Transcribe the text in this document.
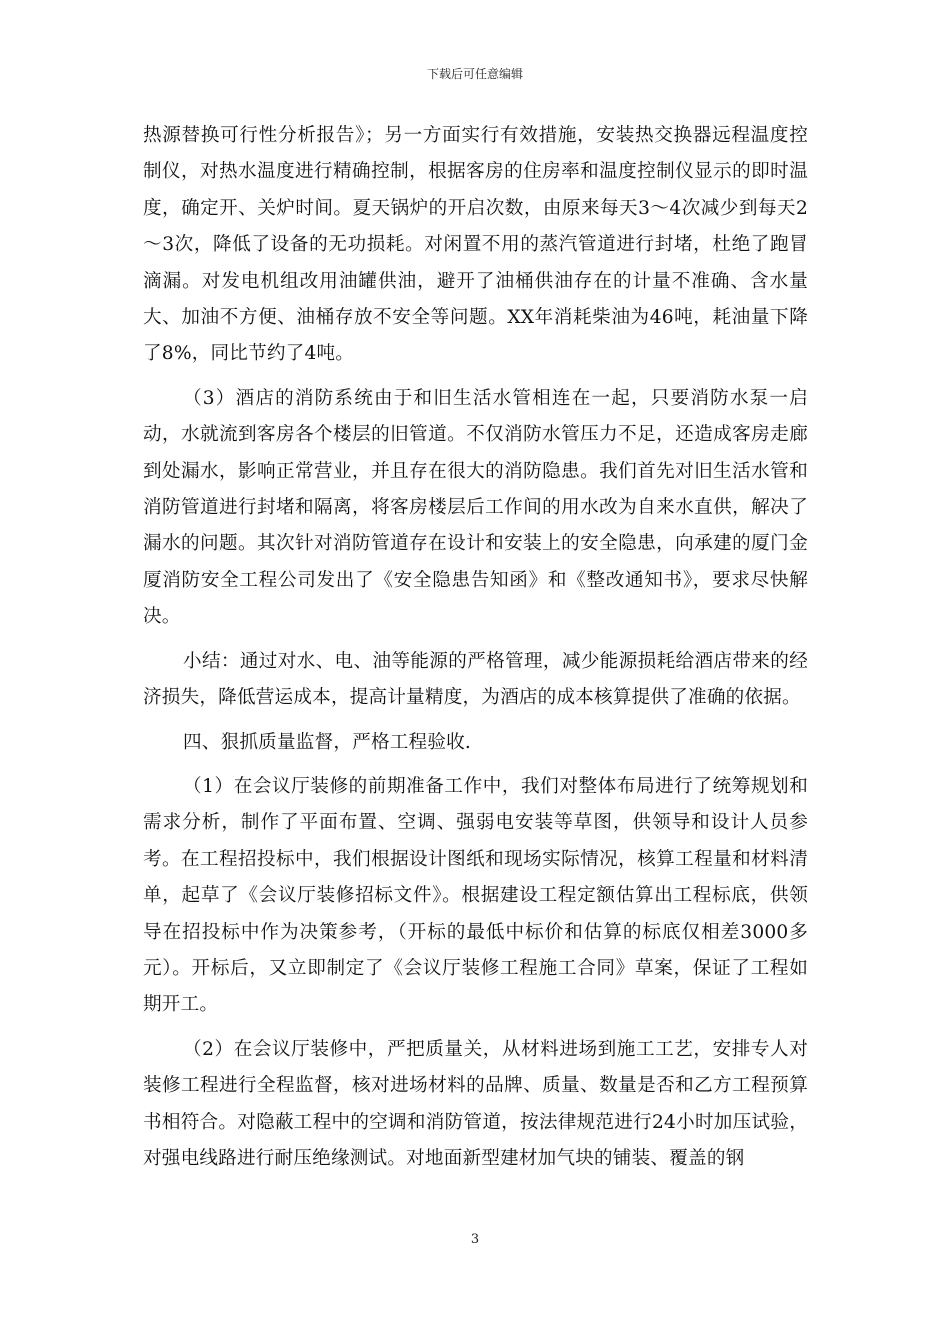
下载后可任意编辑

热源替换可行性分析报告》；另一方面实行有效措施，安装热交换器远程温度控制仪，对热水温度进行精确控制，根据客房的住房率和温度控制仪显示的即时温度，确定开、关炉时间。夏天锅炉的开启次数，由原来每天3～4次减少到每天2～3次，降低了设备的无功损耗。对闲置不用的蒸汽管道进行封堵，杜绝了跑冒滴漏。对发电机组改用油罐供油，避开了油桶供油存在的计量不准确、含水量大、加油不方便、油桶存放不安全等问题。XX年消耗柴油为46吨，耗油量下降了8%，同比节约了4吨。

（3）酒店的消防系统由于和旧生活水管相连在一起，只要消防水泵一启动，水就流到客房各个楼层的旧管道。不仅消防水管压力不足，还造成客房走廊到处漏水，影响正常营业，并且存在很大的消防隐患。我们首先对旧生活水管和消防管道进行封堵和隔离，将客房楼层后工作间的用水改为自来水直供，解决了漏水的问题。其次针对消防管道存在设计和安装上的安全隐患，向承建的厦门金厦消防安全工程公司发出了《安全隐患告知函》和《整改通知书》，要求尽快解决。

小结：通过对水、电、油等能源的严格管理，减少能源损耗给酒店带来的经济损失，降低营运成本，提高计量精度，为酒店的成本核算提供了准确的依据。

四、狠抓质量监督，严格工程验收.

（1）在会议厅装修的前期准备工作中，我们对整体布局进行了统筹规划和需求分析，制作了平面布置、空调、强弱电安装等草图，供领导和设计人员参考。在工程招投标中，我们根据设计图纸和现场实际情况，核算工程量和材料清单，起草了《会议厅装修招标文件》。根据建设工程定额估算出工程标底，供领导在招投标中作为决策参考，（开标的最低中标价和估算的标底仅相差3000多元）。开标后，又立即制定了《会议厅装修工程施工合同》草案，保证了工程如期开工。

（2）在会议厅装修中，严把质量关，从材料进场到施工工艺，安排专人对装修工程进行全程监督，核对进场材料的品牌、质量、数量是否和乙方工程预算书相符合。对隐蔽工程中的空调和消防管道，按法律规范进行24小时加压试验，对强电线路进行耐压绝缘测试。对地面新型建材加气块的铺装、覆盖的钢

3
